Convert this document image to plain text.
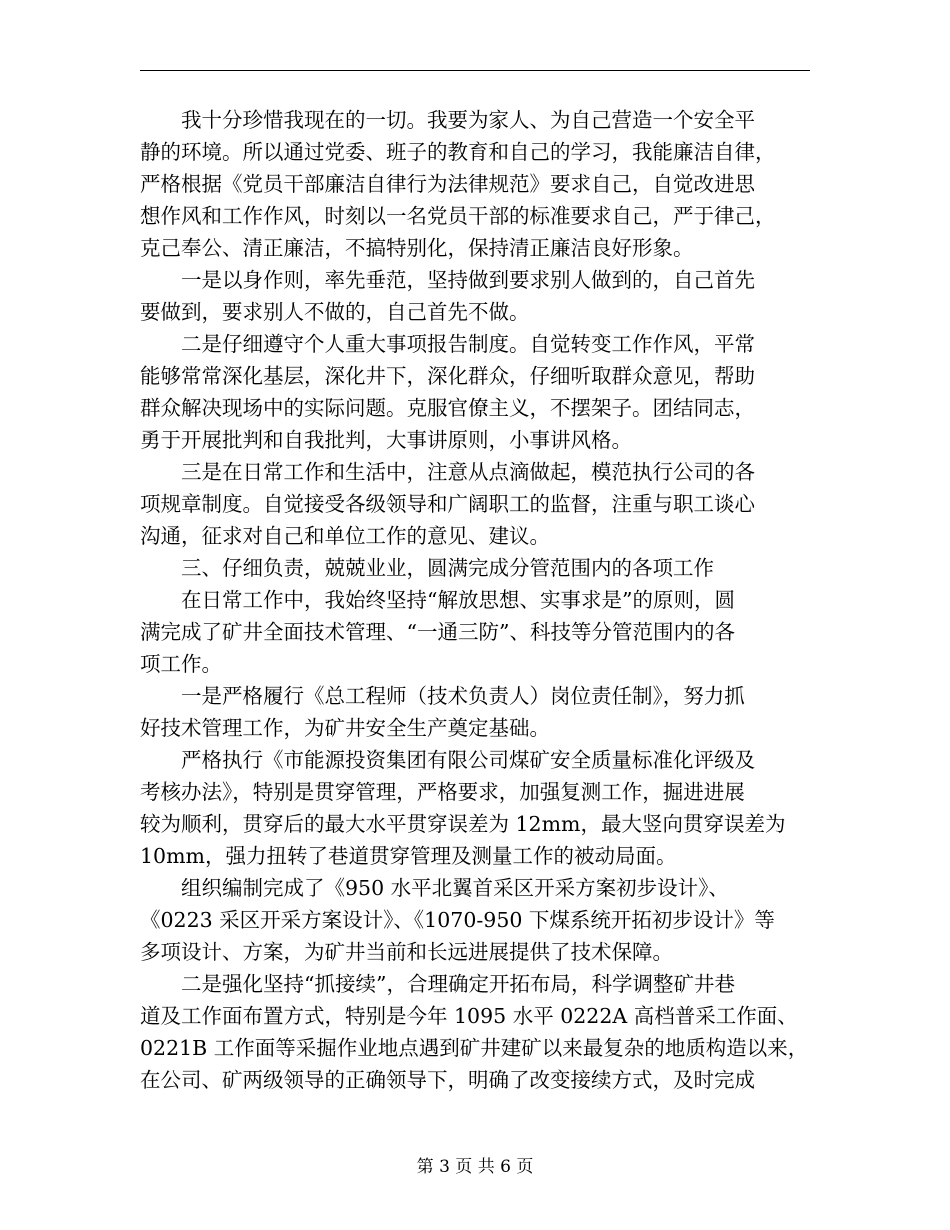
　　我十分珍惜我现在的一切。我要为家人、为自己营造一个安全平
静的环境。所以通过党委、班子的教育和自己的学习，我能廉洁自律，
严格根据《党员干部廉洁自律行为法律规范》要求自己，自觉改进思
想作风和工作作风，时刻以一名党员干部的标准要求自己，严于律己，
克己奉公、清正廉洁，不搞特别化，保持清正廉洁良好形象。
　　一是以身作则，率先垂范，坚持做到要求别人做到的，自己首先
要做到，要求别人不做的，自己首先不做。
　　二是仔细遵守个人重大事项报告制度。自觉转变工作作风，平常
能够常常深化基层，深化井下，深化群众，仔细听取群众意见，帮助
群众解决现场中的实际问题。克服官僚主义，不摆架子。团结同志，
勇于开展批判和自我批判，大事讲原则，小事讲风格。
　　三是在日常工作和生活中，注意从点滴做起，模范执行公司的各
项规章制度。自觉接受各级领导和广阔职工的监督，注重与职工谈心
沟通，征求对自己和单位工作的意见、建议。
　　三、仔细负责，兢兢业业，圆满完成分管范围内的各项工作
　　在日常工作中，我始终坚持“解放思想、实事求是”的原则，圆
满完成了矿井全面技术管理、“一通三防”、科技等分管范围内的各
项工作。
　　一是严格履行《总工程师（技术负责人）岗位责任制》，努力抓
好技术管理工作，为矿井安全生产奠定基础。
　　严格执行《市能源投资集团有限公司煤矿安全质量标准化评级及
考核办法》，特别是贯穿管理，严格要求，加强复测工作，掘进进展
较为顺利，贯穿后的最大水平贯穿误差为 12mm，最大竖向贯穿误差为
10mm，强力扭转了巷道贯穿管理及测量工作的被动局面。
　　组织编制完成了《950 水平北翼首采区开采方案初步设计》、
《0223 采区开采方案设计》、《1070-950 下煤系统开拓初步设计》等
多项设计、方案，为矿井当前和长远进展提供了技术保障。
　　二是强化坚持“抓接续”，合理确定开拓布局，科学调整矿井巷
道及工作面布置方式，特别是今年 1095 水平 0222A 高档普采工作面、
0221B 工作面等采掘作业地点遇到矿井建矿以来最复杂的地质构造以来，
在公司、矿两级领导的正确领导下，明确了改变接续方式，及时完成
第 3 页 共 6 页
